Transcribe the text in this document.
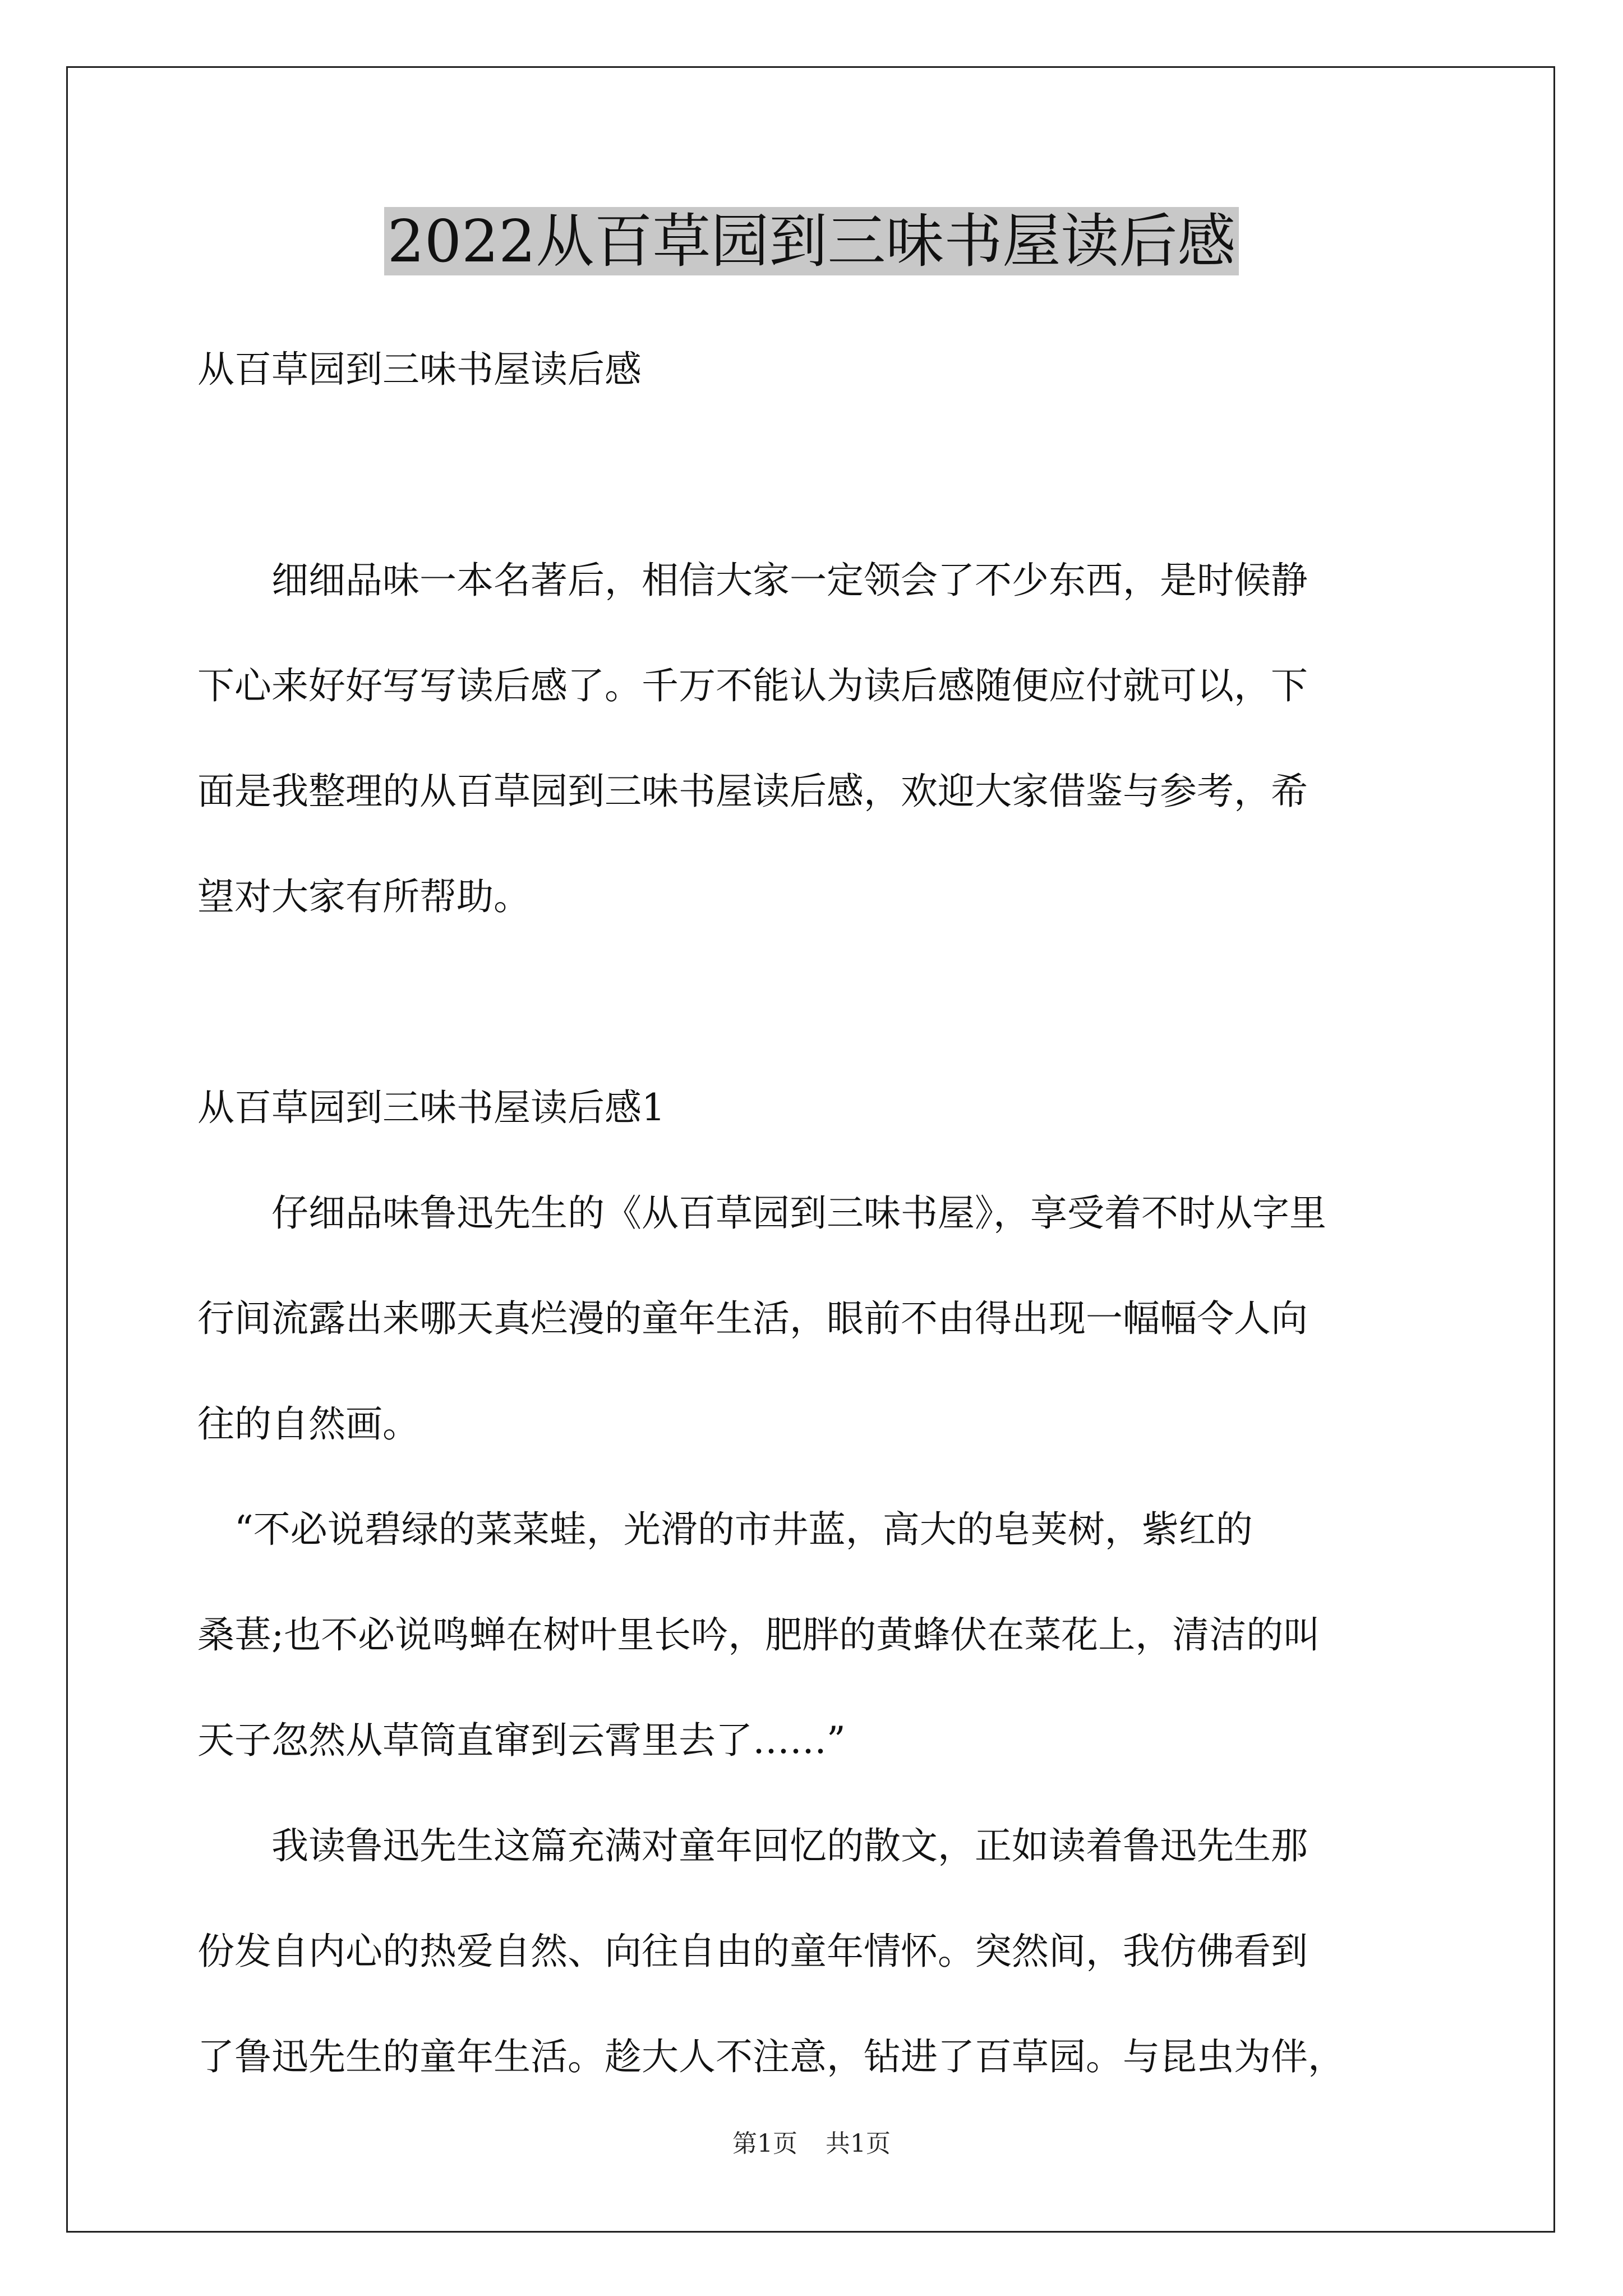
2022从百草园到三味书屋读后感
从百草园到三味书屋读后感
　　细细品味一本名著后，相信大家一定领会了不少东西，是时候静
下心来好好写写读后感了。千万不能认为读后感随便应付就可以，下
面是我整理的从百草园到三味书屋读后感，欢迎大家借鉴与参考，希
望对大家有所帮助。
从百草园到三味书屋读后感1
　　仔细品味鲁迅先生的《从百草园到三味书屋》，享受着不时从字里
行间流露出来哪天真烂漫的童年生活，眼前不由得出现一幅幅令人向
往的自然画。
　“不必说碧绿的菜菜蛙，光滑的市井蓝，高大的皂荚树，紫红的
桑葚;也不必说鸣蝉在树叶里长吟，肥胖的黄蜂伏在菜花上，清洁的叫
天子忽然从草筒直窜到云霄里去了……”
　　我读鲁迅先生这篇充满对童年回忆的散文，正如读着鲁迅先生那
份发自内心的热爱自然、向往自由的童年情怀。突然间，我仿佛看到
了鲁迅先生的童年生活。趁大人不注意，钻进了百草园。与昆虫为伴，
第1页 共1页
